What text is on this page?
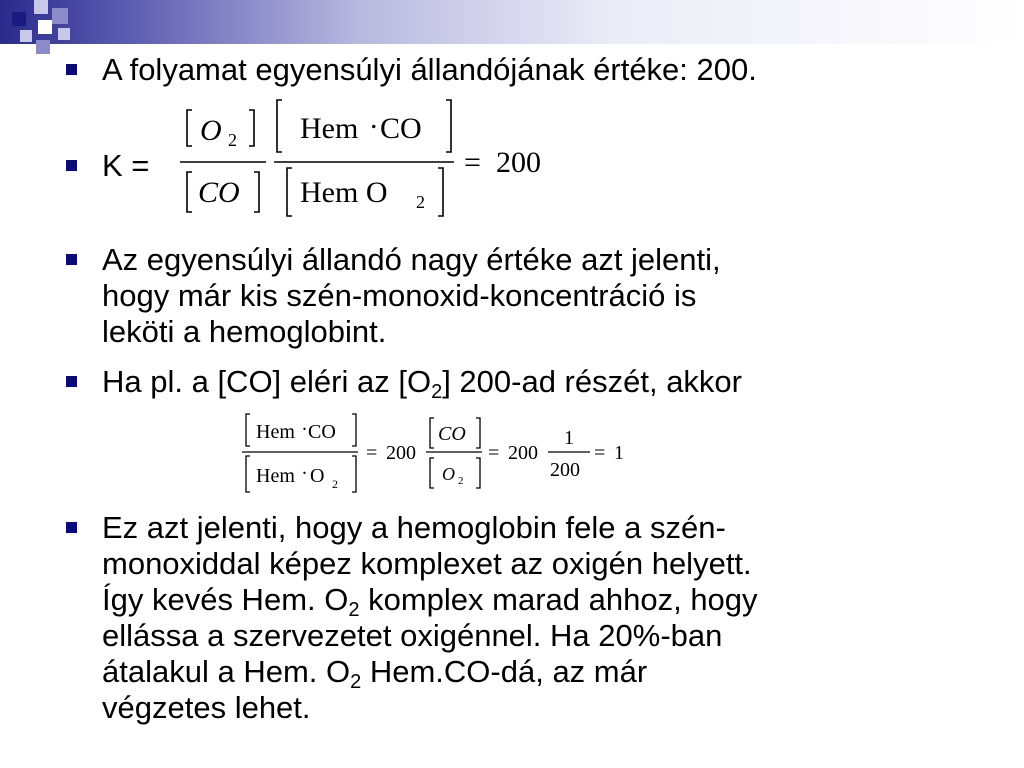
A folyamat egyensúlyi állandójának értéke: 200.
K =
O 2
CO
Hem . CO
Hem O 2
= 200
Az egyensúlyi állandó nagy értéke azt jelenti,
hogy már kis szén-monoxid-koncentráció is
leköti a hemoglobint.
Ha pl. a [CO] eléri az $[O_2]$ 200-ad részét, akkor
Hem . CO
Hem . O 2
= 200
CO
O 2
= 200
1
200
= 1
Ez azt jelenti, hogy a hemoglobin fele a szén-
monoxiddal képez komplexet az oxigén helyett.
Így kevés Hem. $O_2$ komplex marad ahhoz, hogy
ellássa a szervezetet oxigénnel. Ha 20%-ban
átalakul a Hem. $O_2$ Hem.CO-dá, az már
végzetes lehet.
